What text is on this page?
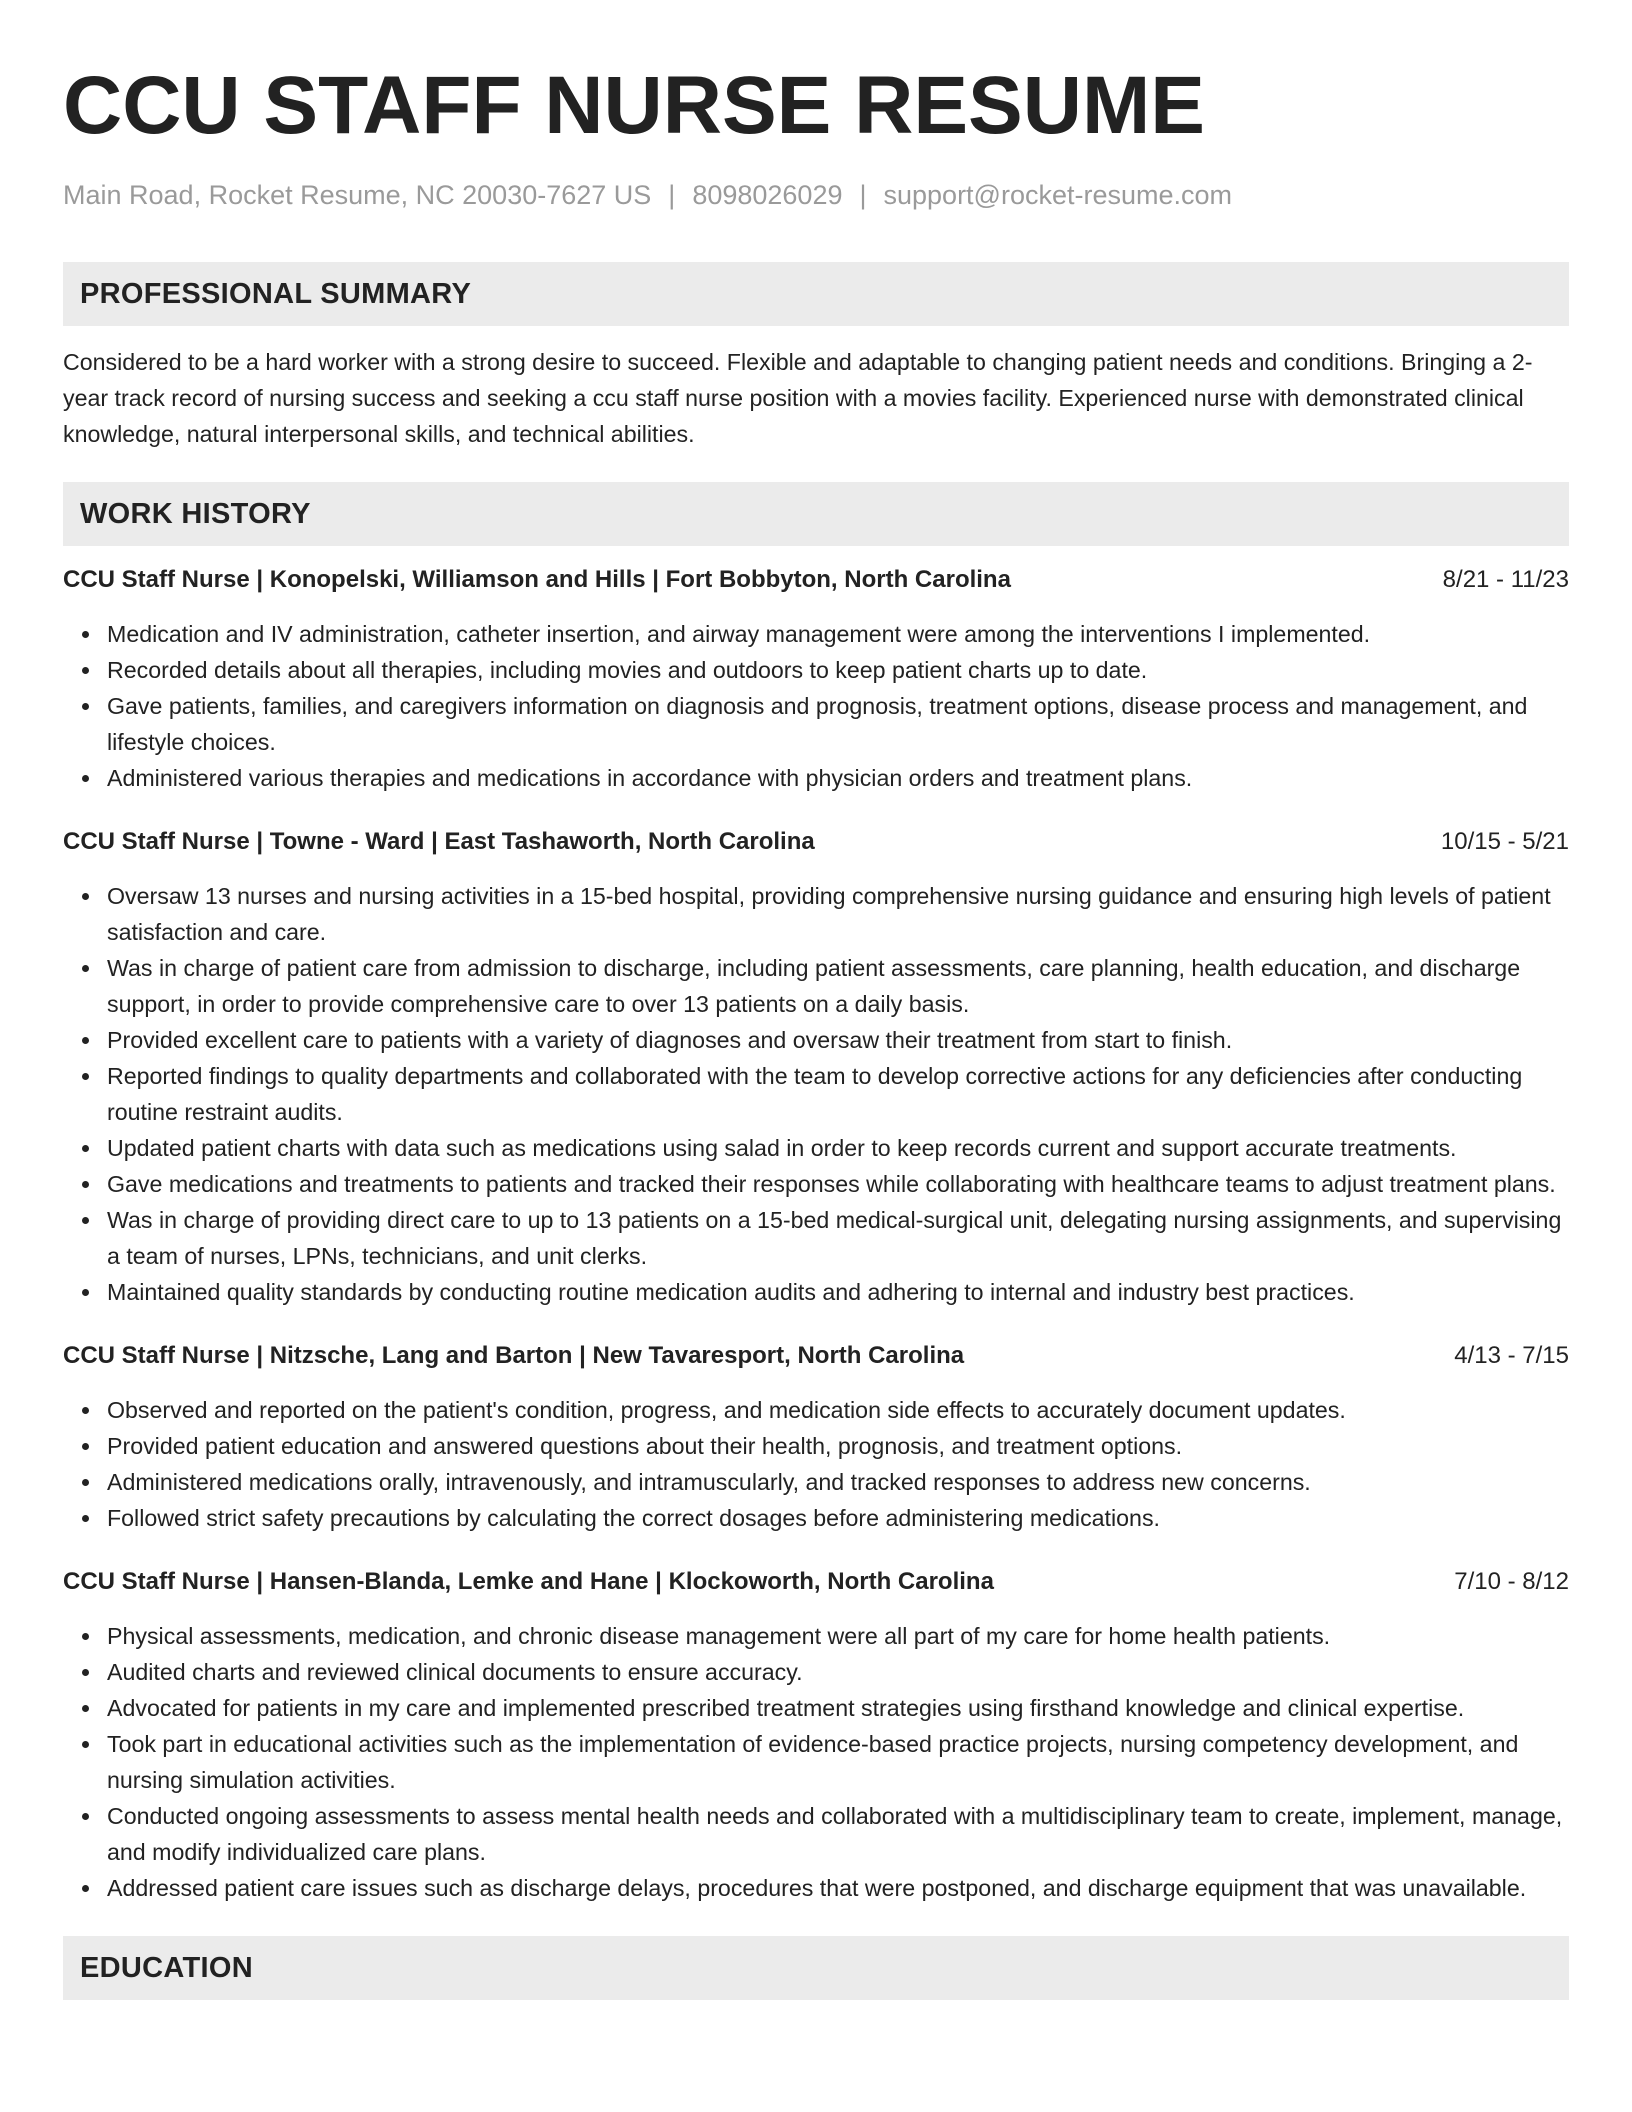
CCU STAFF NURSE RESUME
Main Road, Rocket Resume, NC 20030-7627 US | 8098026029 | support@rocket-resume.com
PROFESSIONAL SUMMARY

Considered to be a hard worker with a strong desire to succeed. Flexible and adaptable to changing patient needs and conditions. Bringing a 2-year track record of nursing success and seeking a ccu staff nurse position with a movies facility. Experienced nurse with demonstrated clinical knowledge, natural interpersonal skills, and technical abilities.

WORK HISTORY
CCU Staff Nurse | Konopelski, Williamson and Hills | Fort Bobbyton, North Carolina	8/21 - 11/23
Medication and IV administration, catheter insertion, and airway management were among the interventions I implemented.
Recorded details about all therapies, including movies and outdoors to keep patient charts up to date.
Gave patients, families, and caregivers information on diagnosis and prognosis, treatment options, disease process and management, and lifestyle choices.
Administered various therapies and medications in accordance with physician orders and treatment plans.
CCU Staff Nurse | Towne - Ward | East Tashaworth, North Carolina	10/15 - 5/21
Oversaw 13 nurses and nursing activities in a 15-bed hospital, providing comprehensive nursing guidance and ensuring high levels of patient satisfaction and care.
Was in charge of patient care from admission to discharge, including patient assessments, care planning, health education, and discharge support, in order to provide comprehensive care to over 13 patients on a daily basis.
Provided excellent care to patients with a variety of diagnoses and oversaw their treatment from start to finish.
Reported findings to quality departments and collaborated with the team to develop corrective actions for any deficiencies after conducting routine restraint audits.
Updated patient charts with data such as medications using salad in order to keep records current and support accurate treatments.
Gave medications and treatments to patients and tracked their responses while collaborating with healthcare teams to adjust treatment plans.
Was in charge of providing direct care to up to 13 patients on a 15-bed medical-surgical unit, delegating nursing assignments, and supervising a team of nurses, LPNs, technicians, and unit clerks.
Maintained quality standards by conducting routine medication audits and adhering to internal and industry best practices.
CCU Staff Nurse | Nitzsche, Lang and Barton | New Tavaresport, North Carolina	4/13 - 7/15
Observed and reported on the patient's condition, progress, and medication side effects to accurately document updates.
Provided patient education and answered questions about their health, prognosis, and treatment options.
Administered medications orally, intravenously, and intramuscularly, and tracked responses to address new concerns.
Followed strict safety precautions by calculating the correct dosages before administering medications.
CCU Staff Nurse | Hansen-Blanda, Lemke and Hane | Klockoworth, North Carolina	7/10 - 8/12
Physical assessments, medication, and chronic disease management were all part of my care for home health patients.
Audited charts and reviewed clinical documents to ensure accuracy.
Advocated for patients in my care and implemented prescribed treatment strategies using firsthand knowledge and clinical expertise.
Took part in educational activities such as the implementation of evidence-based practice projects, nursing competency development, and nursing simulation activities.
Conducted ongoing assessments to assess mental health needs and collaborated with a multidisciplinary team to create, implement, manage, and modify individualized care plans.
Addressed patient care issues such as discharge delays, procedures that were postponed, and discharge equipment that was unavailable.
EDUCATION
